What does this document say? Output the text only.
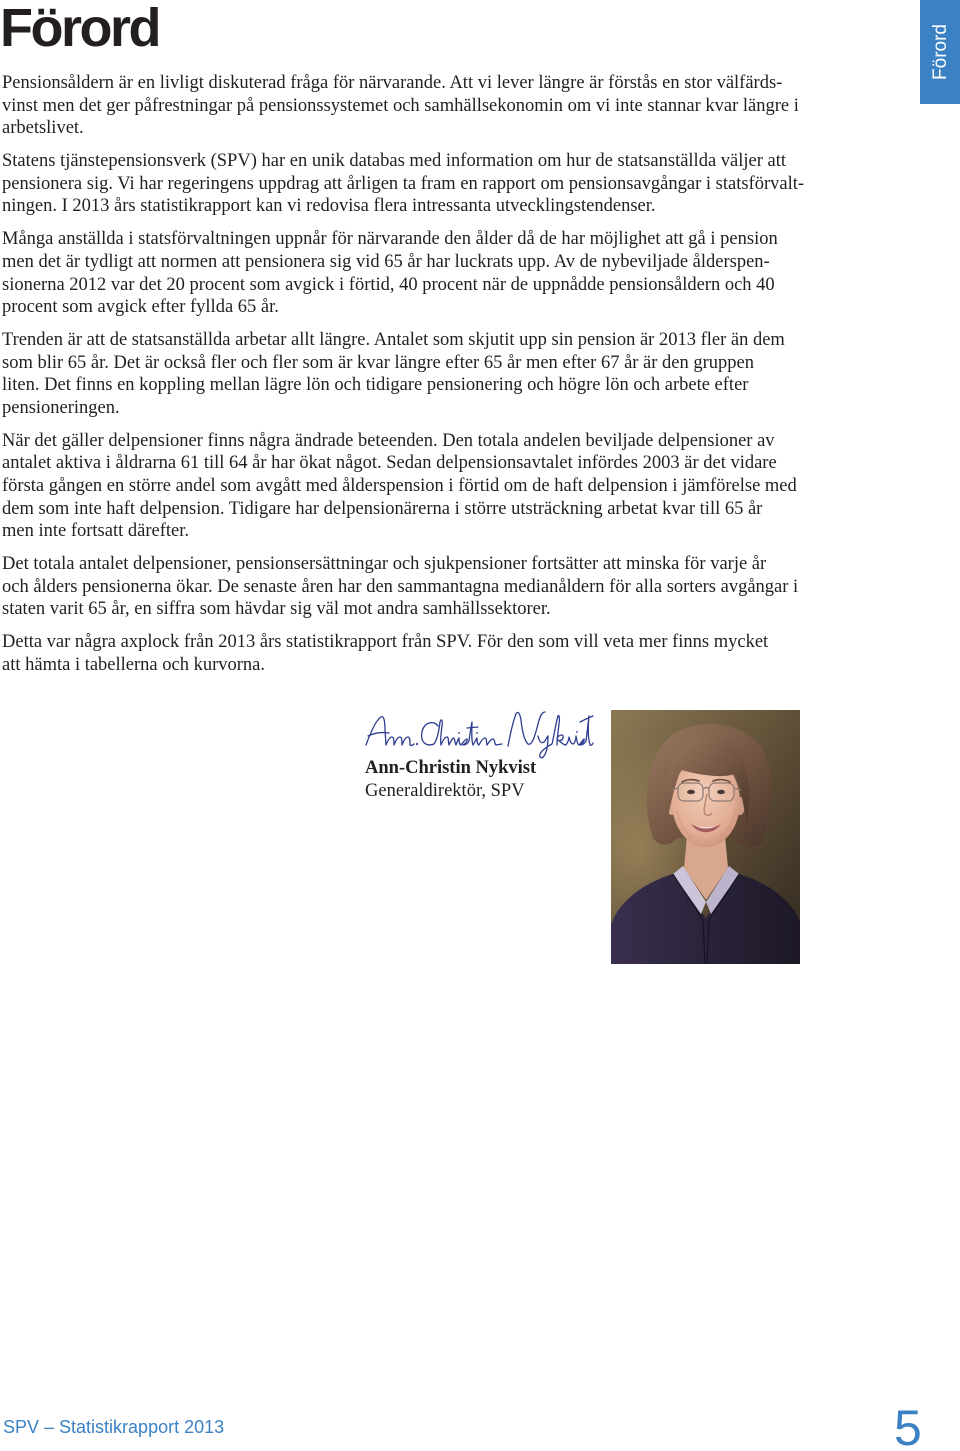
Förord	Förord
Pensionsåldern är en livligt diskuterad fråga för närvarande. Att vi lever längre är förstås en stor välfärds-
vinst men det ger påfrestningar på pensionssystemet och samhällsekonomin om vi inte stannar kvar längre i
arbetslivet.
Statens tjänstepensionsverk (SPV) har en unik databas med information om hur de statsanställda väljer att
pensionera sig. Vi har regeringens uppdrag att årligen ta fram en rapport om pensionsavgångar i statsförvalt-
ningen. I 2013 års statistikrapport kan vi redovisa flera intressanta utvecklingstendenser.
Många anställda i statsförvaltningen uppnår för närvarande den ålder då de har möjlighet att gå i pension
men det är tydligt att normen att pensionera sig vid 65 år har luckrats upp. Av de nybeviljade ålderspen-
sionerna 2012 var det 20 procent som avgick i förtid, 40 procent när de uppnådde pensionsåldern och 40
procent som avgick efter fyllda 65 år.
Trenden är att de statsanställda arbetar allt längre. Antalet som skjutit upp sin pension är 2013 fler än dem
som blir 65 år. Det är också fler och fler som är kvar längre efter 65 år men efter 67 år är den gruppen
liten. Det finns en koppling mellan lägre lön och tidigare pensionering och högre lön och arbete efter
pensioneringen.
När det gäller delpensioner finns några ändrade beteenden. Den totala andelen beviljade delpensioner av
antalet aktiva i åldrarna 61 till 64 år har ökat något. Sedan delpensionsavtalet infördes 2003 är det vidare
första gången en större andel som avgått med ålderspension i förtid om de haft delpension i jämförelse med
dem som inte haft delpension. Tidigare har delpensionärerna i större utsträckning arbetat kvar till 65 år
men inte fortsatt därefter.
Det totala antalet delpensioner, pensionsersättningar och sjukpensioner fortsätter att minska för varje år
och ålders pensionerna ökar. De senaste åren har den sammantagna medianåldern för alla sorters avgångar i
staten varit 65 år, en siffra som hävdar sig väl mot andra samhällssektorer.
Detta var några axplock från 2013 års statistikrapport från SPV. För den som vill veta mer finns mycket
att hämta i tabellerna och kurvorna.
Ann-Christin Nykvist
Generaldirektör, SPV
SPV – Statistikrapport 2013	5
